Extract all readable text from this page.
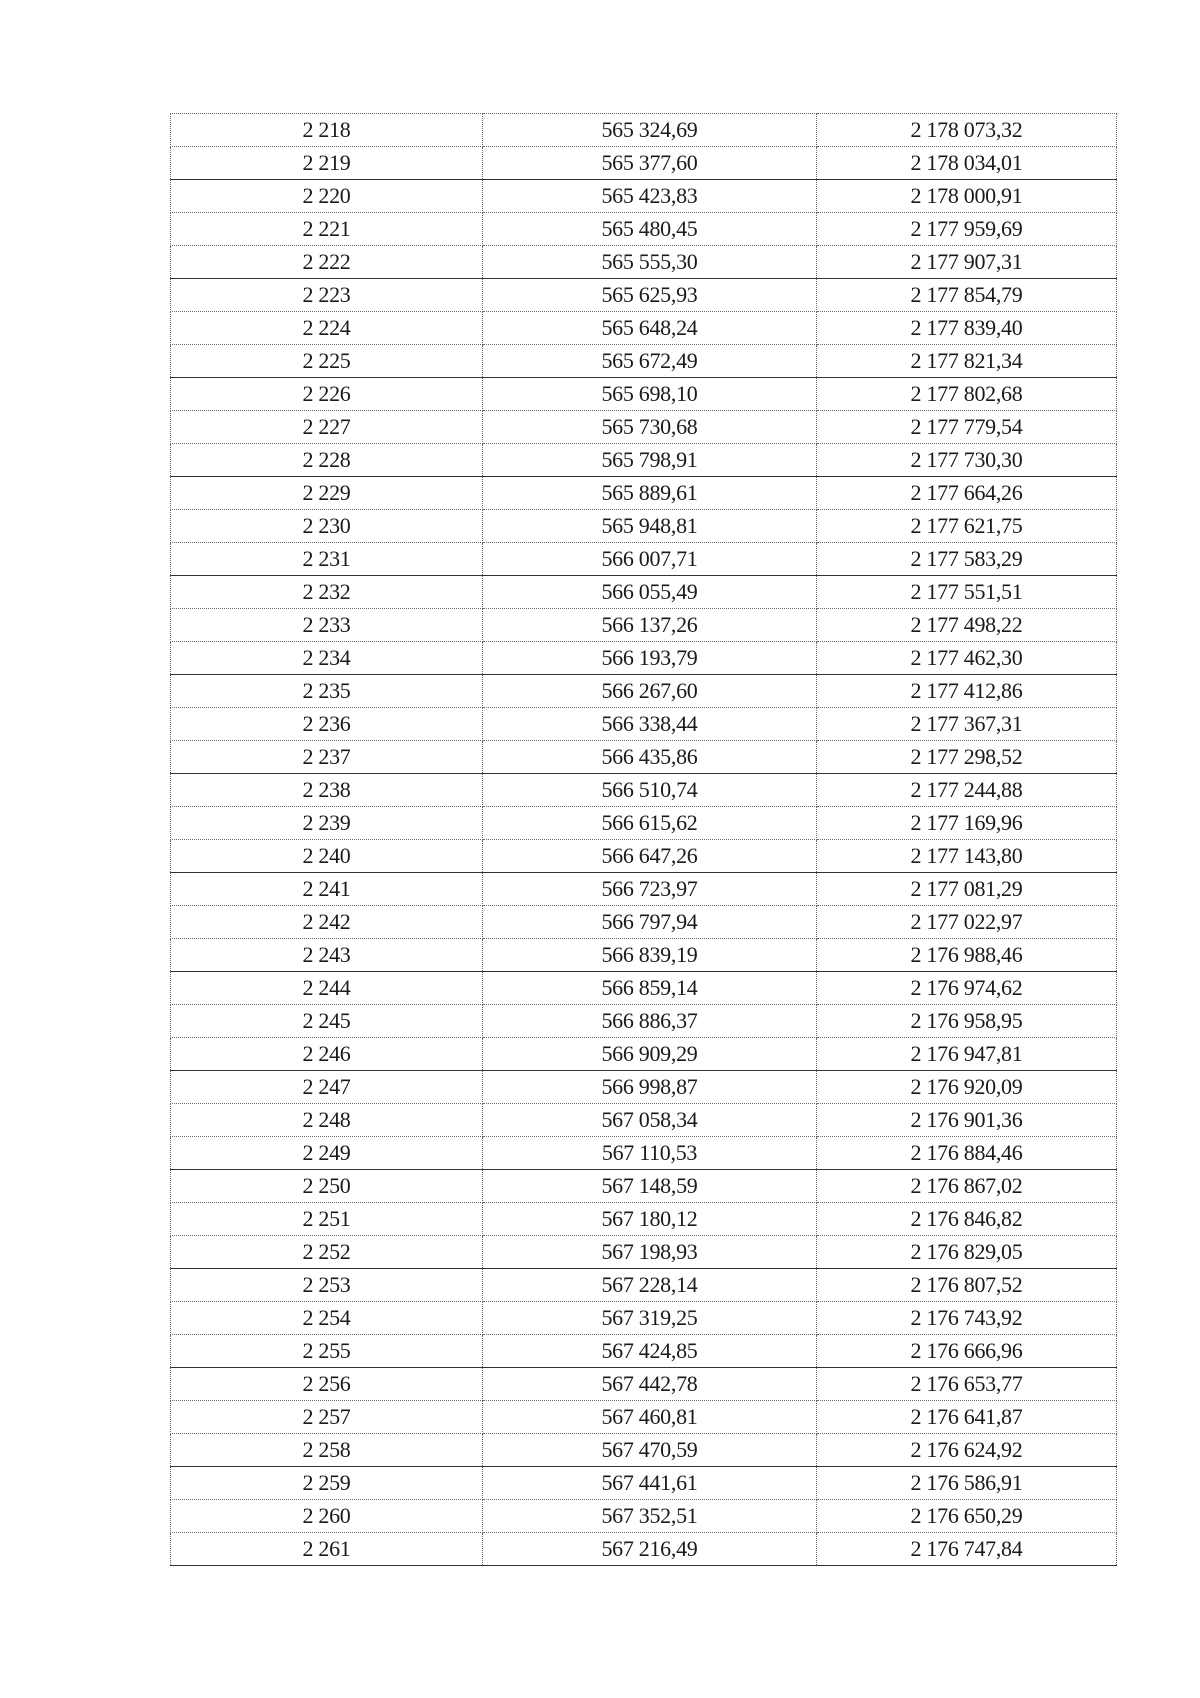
2 218	565 324,69	2 178 073,32
2 219	565 377,60	2 178 034,01
2 220	565 423,83	2 178 000,91
2 221	565 480,45	2 177 959,69
2 222	565 555,30	2 177 907,31
2 223	565 625,93	2 177 854,79
2 224	565 648,24	2 177 839,40
2 225	565 672,49	2 177 821,34
2 226	565 698,10	2 177 802,68
2 227	565 730,68	2 177 779,54
2 228	565 798,91	2 177 730,30
2 229	565 889,61	2 177 664,26
2 230	565 948,81	2 177 621,75
2 231	566 007,71	2 177 583,29
2 232	566 055,49	2 177 551,51
2 233	566 137,26	2 177 498,22
2 234	566 193,79	2 177 462,30
2 235	566 267,60	2 177 412,86
2 236	566 338,44	2 177 367,31
2 237	566 435,86	2 177 298,52
2 238	566 510,74	2 177 244,88
2 239	566 615,62	2 177 169,96
2 240	566 647,26	2 177 143,80
2 241	566 723,97	2 177 081,29
2 242	566 797,94	2 177 022,97
2 243	566 839,19	2 176 988,46
2 244	566 859,14	2 176 974,62
2 245	566 886,37	2 176 958,95
2 246	566 909,29	2 176 947,81
2 247	566 998,87	2 176 920,09
2 248	567 058,34	2 176 901,36
2 249	567 110,53	2 176 884,46
2 250	567 148,59	2 176 867,02
2 251	567 180,12	2 176 846,82
2 252	567 198,93	2 176 829,05
2 253	567 228,14	2 176 807,52
2 254	567 319,25	2 176 743,92
2 255	567 424,85	2 176 666,96
2 256	567 442,78	2 176 653,77
2 257	567 460,81	2 176 641,87
2 258	567 470,59	2 176 624,92
2 259	567 441,61	2 176 586,91
2 260	567 352,51	2 176 650,29
2 261	567 216,49	2 176 747,84
